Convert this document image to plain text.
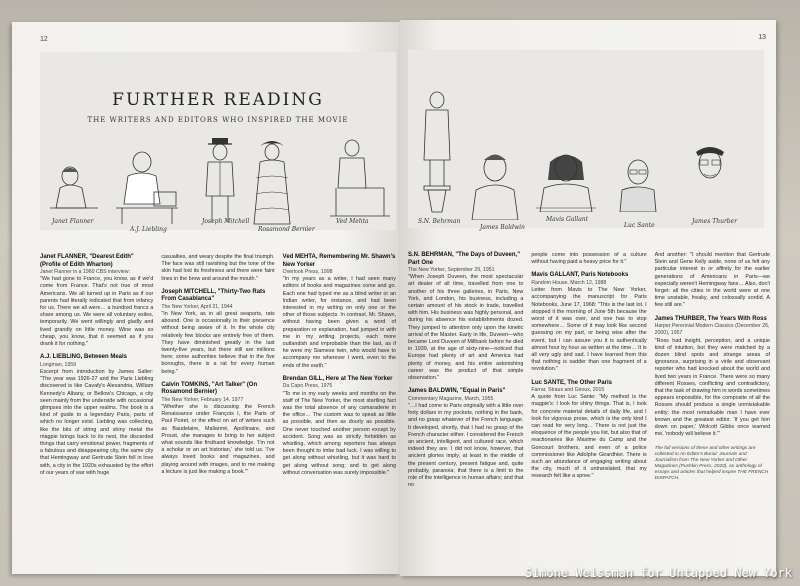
12
FURTHER READING
THE WRITERS AND EDITORS WHO INSPIRED THE MOVIE
Janet Flanner
A.J. Liebling
Joseph Mitchell
Rosamond Bernier
Ved Mehta
Janet FLANNER, "Dearest Edith" (Profile of Edith Wharton)
Janet Flanner in a 1960 CBS interview:
"We had gone to France, you know, as if we'd come from France. That's not true of most Americans. We all turned up in Paris as if our parents had literally indicated that from infancy for us. There we all were… a hundred francs a share among us. We were all voluntary exiles, temporarily. We went willingly and gladly and lived grandly on little money. Wine was so cheap, you know, that it seemed as if you drank it for nothing."
A.J. LIEBLING, Between Meals
Longman, 1959
Excerpt from introduction by James Salter: "The year was 1926-27 and the Paris Liebling discovered is like Cavafy's Alexandria, William Kennedy's Albany, or Bellow's Chicago, a city seen mainly from the underside with occasional glimpses into the upper realms. The book is a kind of guide to a legendary Paris, parts of which no longer exist. Liebling was collecting, like the bits of string and shiny metal the magpie brings back to its nest, the discarded things that carry emotional power, fragments of a fabulous and disappearing city, the same city that Hemingway and Gertrude Stein fell in love with, a city in the 1920s exhausted by the effort of our years of war with huge
casualties, and weary despite the final triumph. The face was still ravishing but the tone of the skin had lost its freshness and there were faint lines in the brow and around the mouth."
Joseph MITCHELL, "Thirty-Two Rats From Casablanca"
The New Yorker, April 21, 1944
"In New York, as in all great seaports, rats abound. One is occasionally in their presence without being aware of it. In the whole city relatively few blocks are entirely free of them. They have diminished greatly in the last twenty-five years, but there still are millions here; some authorities believe that in the five boroughs, there is a rat for every human being."
Calvin TOMKINS, "Art Talker" (On Rosamond Bernier)
The New Yorker, February 14, 1977
"Whether she is discussing the French Renaissance under François I, the Paris of Paul Poiret, or the effect on art of writers such as Baudelaire, Mallarmé, Apollinaire, and Proust, she manages to bring to her subject what sounds like firsthand knowledge. 'I'm not a scholar or an art historian,' she told us. 'I've always loved books and magazines, and playing around with images, and to me making a lecture is just like making a book.'"
Ved MEHTA, Remembering Mr. Shawn's New Yorker
Overlook Press, 1998
"In my years as a writer, I had seen many editors of books and magazines come and go. Each one had typed me as a blind writer or an Indian writer, for instance, and had been interested in my writing on only one or the other of those subjects. In contrast, Mr. Shawn, without having been given a word of preparation or explanation, had jumped in with me in my writing projects, each more outlandish and improbable than the last, as if he were my Siamese twin, who would have to accompany me wherever I went, even to the ends of the earth."
Brendan GILL, Here at The New Yorker
Da Capo Press, 1975
"To me in my early weeks and months on the staff of The New Yorker, the most startling fact was the total absence of any camaraderie in the office… The custom was to speak as little as possible, and then as dourly as possible. One never touched another person except by accident. Song was as strictly forbidden as whistling, which among reporters has always been thought to imbe bad luck. I was willing to get along without whistling, but it was hard to get along without song; and to get along without conversation was surely impossible."
13
S.N. Behrman
James Baldwin
Mavis Gallant
Luc Sante
James Thurber
S.N. BEHRMAN, "The Days of Duveen," Part One
The New Yorker, September 29, 1951
"When Joseph Duveen, the most spectacular art dealer of all time, travelled from one to another of his three galleries, in Paris, New York, and London, his business, including a certain amount of his stock in trade, travelled with him. His business was highly personal, and during his absence his establishments dozed. They jumped to attention only upon the kinetic arrival of the Master. Early in life, Duveen—who became Lord Duveen of Millbank before he died in 1939, at the age of sixty-nine—noticed that Europe had plenty of art and America had plenty of money, and his entire astonishing career was the product of that simple observation."
James BALDWIN, "Equal in Paris"
Commentary Magazine, March, 1955
"…I had come to Paris originally with a little over forty dollars in my pockets, nothing in the bank, and no grasp whatever of the French language. It developed, shortly, that I had no grasp of the French character either. I considered the French an ancient, intelligent, and cultured race, which indeed they are. I did not know, however, that ancient glories imply, at least in the middle of the present century, present fatigue and, quite probably, paranoia; that there is a limit to the role of the intelligence in human affairs; and that no
people come into possession of a culture without having paid a heavy price for it."
Mavis GALLANT, Paris Notebooks
Random House, March 12, 1988
Letter from Mavis to The New Yorker, accompanying the manuscript for Paris Notebooks, June 17, 1968: "This is the last lot. I stopped it the morning of June 5th because the worst of it was over, and one has to stop somewhere… Some of it may look like second guessing on my part, or being wise after the event, but I can assure you it is authentically almost hour by hour as written at the time… It is all very ugly and sad. I have learned from this that nothing is sadder than one fragment of a revolution."
Luc SANTE, The Other Paris
Farrar, Straus and Giroux, 2015
A quote from Luc Sante: "My method is the magpie's: I look for shiny things. That is, I look for concrete material details of daily life, and I look for vigorous prose, which is the only kind I can read for very long… There is not just the eloquence of the people you list, but also that of reactionaries like Maxime du Camp and the Goncourt brothers, and even of a police commissioner like Adolphe Girardhier. There is such an abundance of engaging writing about the city, much of it untranslated, that my research felt like a spree."
And another: "I should mention that Gertrude Stein and Gene Kelly aside, none of us felt any particular interest in or affinity for the earlier generations of Americans in Paris—we especially weren't Hemingway fans… Also, don't forget: all the cities in the world were at one time unstable, freaky, and colossally sordid. A few still are."
James THURBER, The Years With Ross
Harper Perennial Modern Classics (December 26, 2000), 1957
"Ross had insight, perception, and a unique kind of intuition, but they were matched by a dozen blind spots and strange areas of ignorance, surprising in a virile and observant reporter who had knocked about the world and lived two years in France. There were so many different Rosses, conflicting and contradictory, that the task of drawing him in words sometimes appears impossible, for the composite of all the Rosses should produce a single unmistakable entity: the most remarkable man I have ever known and the greatest editor. 'If you get him down on paper,' Wolcott Gibbs once warned me, 'nobody will believe it.'"
The full versions of these and other writings are collected in An Editor's Burial: Journals and Journalism from The New Yorker and Other Magazines (Pushkin Press, 2020), an anthology of essays and articles that helped inspire THE FRENCH DISPATCH.
Simone Weissman for Untapped New York
